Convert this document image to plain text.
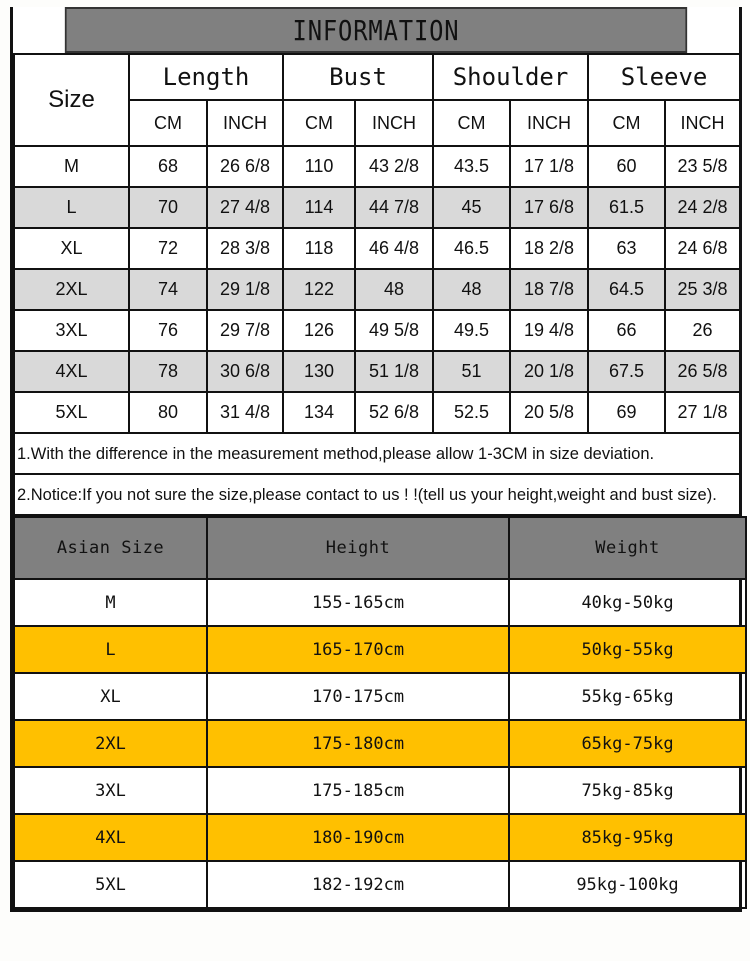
INFORMATION
Size	Length		Bust		Shoulder		Sleeve	
	CM	INCH	CM	INCH	CM	INCH	CM	INCH
M	68	26 6/8	110	43 2/8	43.5	17 1/8	60	23 5/8
L	70	27 4/8	114	44 7/8	45	17 6/8	61.5	24 2/8
XL	72	28 3/8	118	46 4/8	46.5	18 2/8	63	24 6/8
2XL	74	29 1/8	122	48	48	18 7/8	64.5	25 3/8
3XL	76	29 7/8	126	49 5/8	49.5	19 4/8	66	26
4XL	78	30 6/8	130	51 1/8	51	20 1/8	67.5	26 5/8
5XL	80	31 4/8	134	52 6/8	52.5	20 5/8	69	27 1/8
1.With the difference in the measurement method,please allow 1-3CM in size deviation.								
2.Notice:If you not sure the size,please contact to us ! !(tell us your height,weight and bust size).								
Asian Size	Height	Weight
M	155-165cm	40kg-50kg
L	165-170cm	50kg-55kg
XL	170-175cm	55kg-65kg
2XL	175-180cm	65kg-75kg
3XL	175-185cm	75kg-85kg
4XL	180-190cm	85kg-95kg
5XL	182-192cm	95kg-100kg
